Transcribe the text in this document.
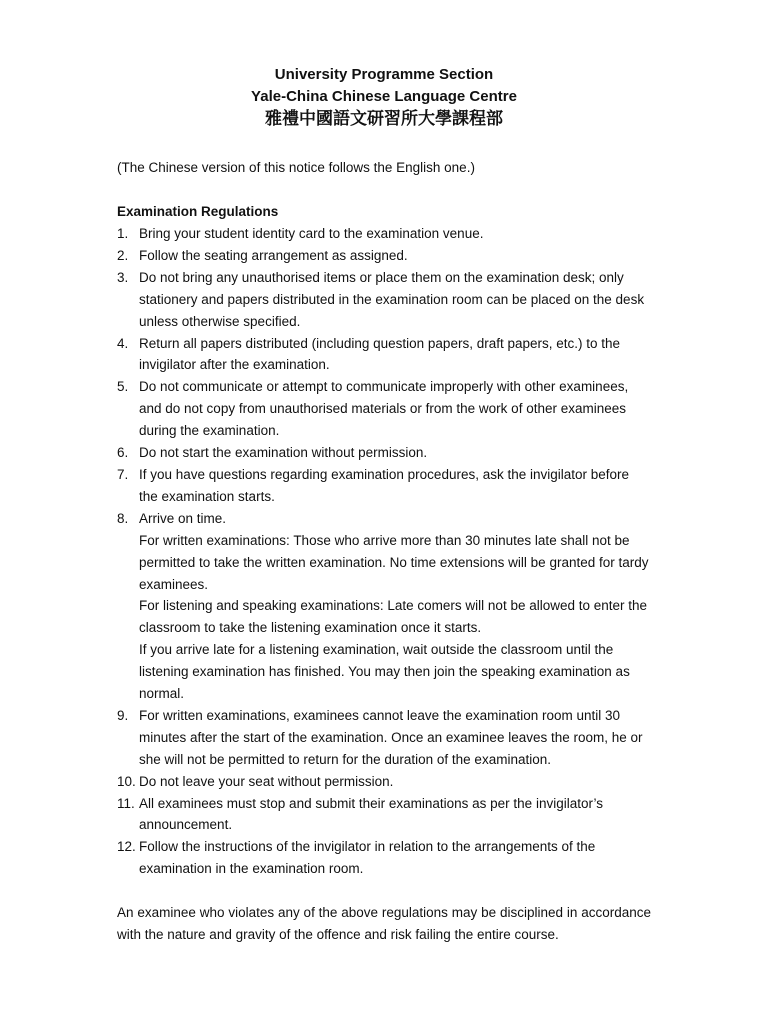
University Programme Section
Yale-China Chinese Language Centre
雅禮中國語文研習所大學課程部
(The Chinese version of this notice follows the English one.)
Examination Regulations
1. Bring your student identity card to the examination venue.
2. Follow the seating arrangement as assigned.
3. Do not bring any unauthorised items or place them on the examination desk; only stationery and papers distributed in the examination room can be placed on the desk unless otherwise specified.
4. Return all papers distributed (including question papers, draft papers, etc.) to the invigilator after the examination.
5. Do not communicate or attempt to communicate improperly with other examinees, and do not copy from unauthorised materials or from the work of other examinees during the examination.
6. Do not start the examination without permission.
7. If you have questions regarding examination procedures, ask the invigilator before the examination starts.
8. Arrive on time.
For written examinations: Those who arrive more than 30 minutes late shall not be permitted to take the written examination. No time extensions will be granted for tardy examinees.
For listening and speaking examinations: Late comers will not be allowed to enter the classroom to take the listening examination once it starts.
If you arrive late for a listening examination, wait outside the classroom until the listening examination has finished. You may then join the speaking examination as normal.
9. For written examinations, examinees cannot leave the examination room until 30 minutes after the start of the examination. Once an examinee leaves the room, he or she will not be permitted to return for the duration of the examination.
10. Do not leave your seat without permission.
11. All examinees must stop and submit their examinations as per the invigilator’s announcement.
12. Follow the instructions of the invigilator in relation to the arrangements of the examination in the examination room.
An examinee who violates any of the above regulations may be disciplined in accordance with the nature and gravity of the offence and risk failing the entire course.
